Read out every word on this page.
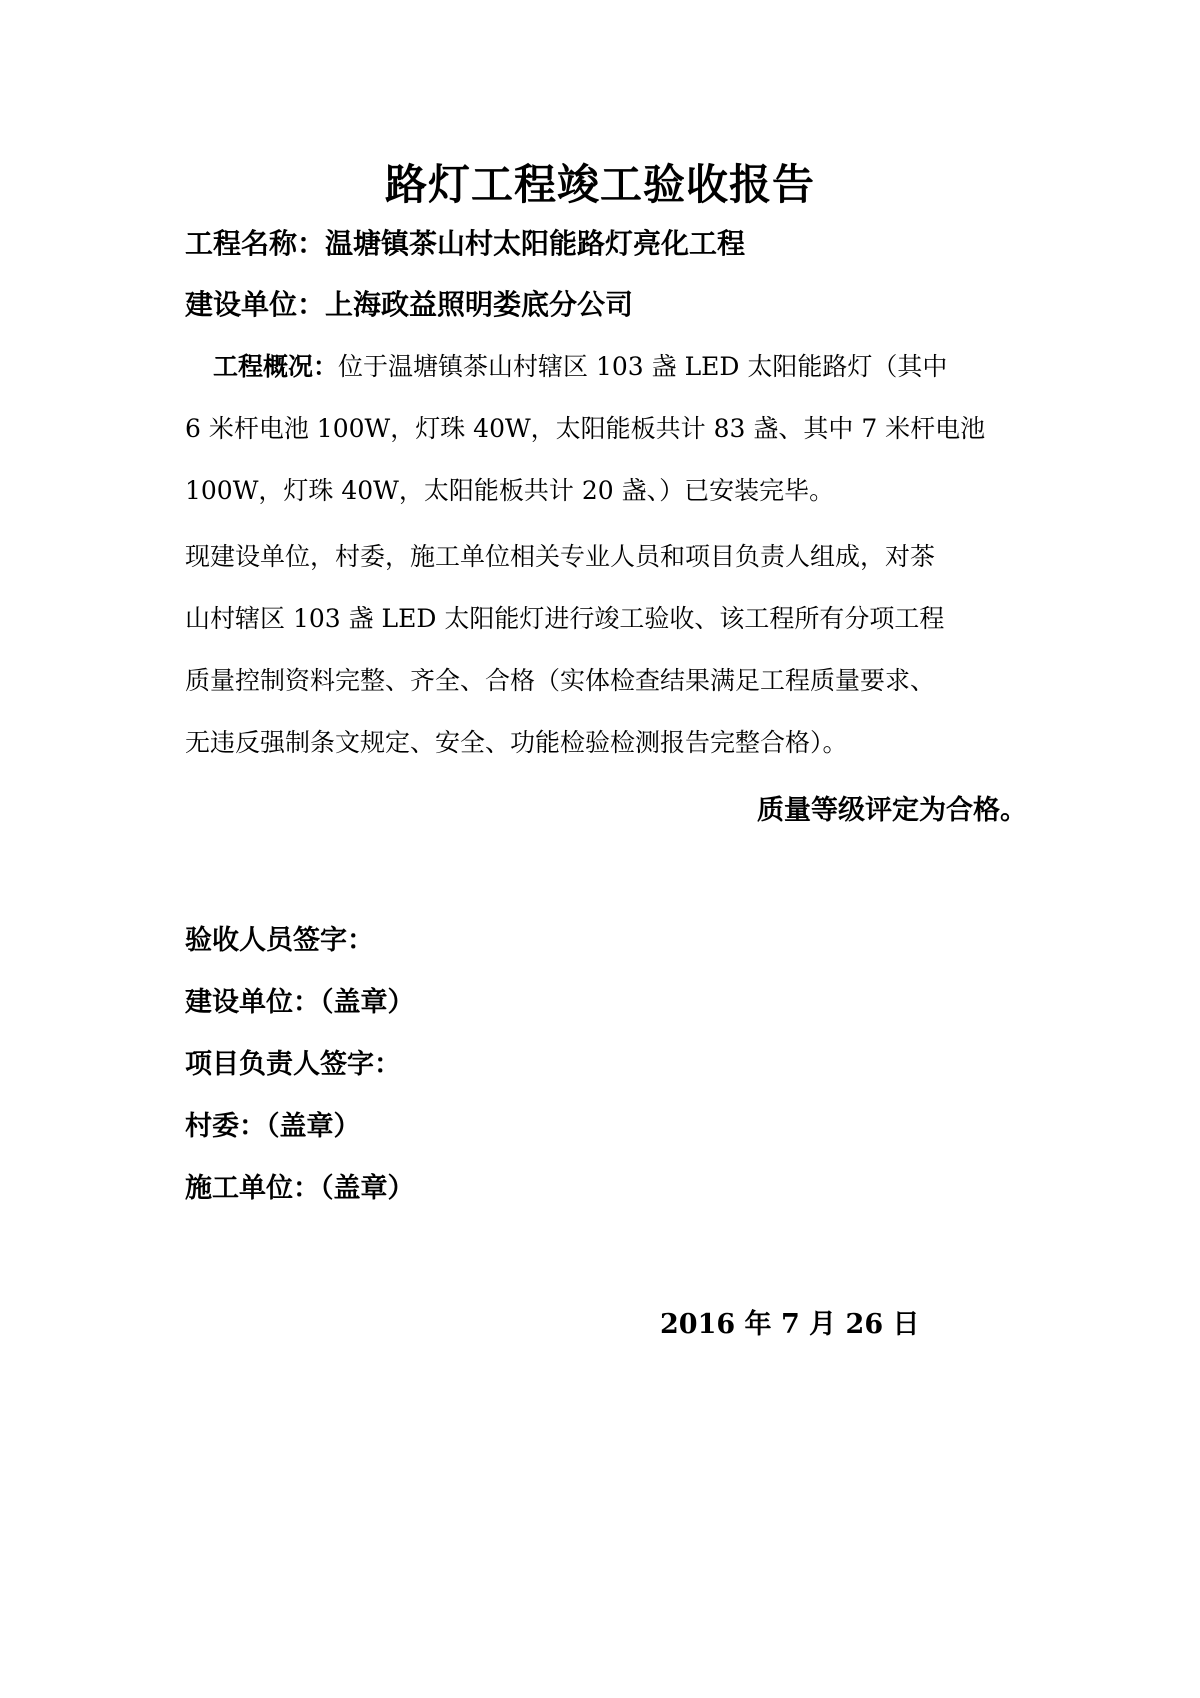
路灯工程竣工验收报告
工程名称：温塘镇茶山村太阳能路灯亮化工程
建设单位：上海政益照明娄底分公司
工程概况：位于温塘镇茶山村辖区 103 盏 LED 太阳能路灯（其中
6 米杆电池 100W，灯珠 40W，太阳能板共计 83 盏、其中 7 米杆电池
100W，灯珠 40W，太阳能板共计 20 盏、）已安装完毕。
现建设单位，村委，施工单位相关专业人员和项目负责人组成，对茶
山村辖区 103 盏 LED 太阳能灯进行竣工验收、该工程所有分项工程
质量控制资料完整、齐全、合格（实体检查结果满足工程质量要求、
无违反强制条文规定、安全、功能检验检测报告完整合格）。
质量等级评定为合格。
验收人员签字：
建设单位：（盖章）
项目负责人签字：
村委：（盖章）
施工单位：（盖章）
2016 年 7 月 26 日
